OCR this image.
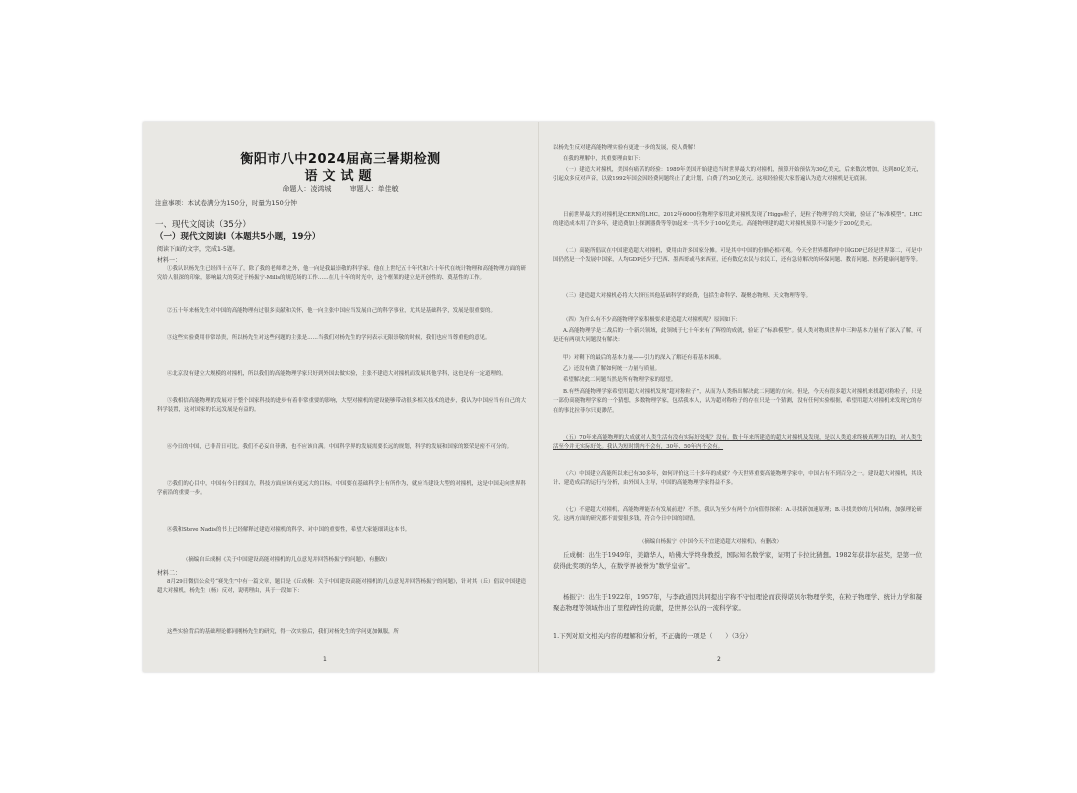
衡阳市八中2024届高三暑期检测
语文试题
命题人：凌鸿城	审题人：单佳敏
注意事项：本试卷满分为150分，时量为150分钟
一、现代文阅读（35分）
（一）现代文阅读Ⅰ（本题共5小题，19分）
阅读下面的文字，完成1-5题。
材料一：
①我认识杨先生已经四十五年了，除了我的老师辈之外，他一向是我最崇敬的科学家。他在上世纪五十年代和六十年代在统计物理和高能物理方面的研究给人很深的印象，影响最大的莫过于杨振宁-Mills的规范场的工作……在几十年的时光中，这个框架的建立是开创性的、奠基性的工作。
②五十年来杨先生对中国的高能物理有过很多贡献和关怀，他一向主张中国应当发展自己的科学事业，尤其是基础科学，发展是很重要的。
③这些实验费用非常昂贵，所以杨先生对这些问题的主张是……当我们对杨先生的学问表示无限崇敬的时候，我们也应当尊重他的意见。
④北京没有建立大规模的对撞机，所以我们的高能物理学家只好到外国去做实验，主张不建造大对撞机而发展其他学科，这也是有一定道理的。
⑤我相信高能物理的发展对于整个国家科技的进步有着非常重要的影响，大型对撞机的建设能够带动很多相关技术的进步，我认为中国应当有自己的大科学装置，这对国家的长远发展是有益的。
⑥今日的中国，已非昔日可比。我们不必妄自菲薄，也不应该自满。中国科学界的发展需要长远的规划，科学的发展和国家的繁荣是密不可分的。
⑦我们的心目中，中国有今日的国力，科技方面应该有更远大的目标。中国要在基础科学上有所作为，就应当建设大型的对撞机，这是中国走向世界科学前沿的重要一步。
⑧我和Steve Nadis的书上已经解释过建造对撞机的科学、对中国的重要性，希望大家能细读这本书。
（摘编自丘成桐《关于中国建设高能对撞机的几点意见并回答杨振宁的问题》，有删改）
材料二：
8月29日微信公众号“赛先生”中有一篇文章，题目是《丘成桐：关于中国建设高能对撞机的几点意见并回答杨振宁的问题》，针对其（丘）倡议中国建造超大对撞机，杨先生（杨）反对，说明理由，具于一段如下：
这些实验背后的基础理论都同刚杨先生的研究，得一次实验后，我们对杨先生的学问更加佩服，所
1
以杨先生反对建高能物理实验有更进一步的发展，使人费解！
在我的理解中，其重要理由如下：
（一）建造大对撞机，美国有痛苦的经验：1989年美国开始建造当时世界最大的对撞机，预算开始预估为30亿美元，后来数次增加，达到80亿美元，引起众多反对声音，以致1992年国会因经费问题终止了此计划，白费了约30亿美元。这项经验使大家普遍认为造大对撞机是无底洞。
日前世界最大的对撞机是CERN的LHC。2012年6000位物理学家用此对撞机发现了Higgs粒子，是粒子物理学的大突破，验证了“标准模型”。LHC的建造成本用了许多年，建造费加上探测器费等等加起来一共不少于100亿美元。高能物理建的超大对撞机预算不可能少于200亿美元。
（二）高能所倡议在中国建造超大对撞机，费用由许多国家分摊。可是其中中国的份额必相可观。今天全世界都称呼中国GDP已经是世界第二，可是中国仍然是一个发展中国家，人均GDP还少于巴西、墨西哥或马来西亚，还有数亿农民与农民工，还有急待解决的环保问题、教育问题、医药健康问题等等。
（三）建造超大对撞机必将大大挤压其他基础科学的经费，包括生命科学、凝聚态物理、天文物理等等。
（四）为什么有不少高能物理学家积极要求建造超大对撞机呢？原因如下：
A.高能物理学是二战后的一个新兴领域，此领域于七十年来有了辉煌的成就，验证了“标准模型”。使人类对物质世界中三种基本力量有了深入了解，可是还有两项大问题没有解决：
甲）对剩下的最后的基本力量——引力的深入了解还有着基本困难。
乙）还没有做了解如何统一力量与质量。
希望解决此二问题当然是所有物理学家的愿望。
B.有些高能物理学家希望用超大对撞机发现“超对称粒子”，从而为人类指出解决此二问题的方向。但是，今天有很多超大对撞机来找超对称粒子，只是一部份高能物理学家的一个猜想，多数物理学家，包括我本人，认为超对称粒子的存在只是一个猜测，没有任何实验根据，希望用超大对撞机来发现它的存在的事比拉菲尔只更渺茫。
（五）70年来高能物理的大成就对人类生活有没有实际好处呢？没有。数十年来所建造的超大对撞机及发现，是以人类追求终极真理为目的，对人类生活至今并无实际好处。我认为短时期内不会有，30年、50年内不会有。
（六）中国建立高能所以来已有30多年，如何评价这三十多年的成就？今天世界重要高能物理学家中，中国占有不到百分之一。建设超大对撞机，其设计、建造成后的运行与分析，由外国人主导，中国的高能物理学家得益不多。
（七）不建超大对撞机，高能物理能否有发展前进？不然。我认为至少有两个方向值得探索：A.寻找新加速原理；B.寻找美妙的几何结构，加强理论研究。这两方面的研究都不需要很多钱，符合今日中国的国情。
（摘编自杨振宁《中国今天不宜建造超大对撞机》，有删改）
丘成桐：出生于1949年，美籍华人，哈佛大学终身教授，国际知名数学家，证明了卡拉比猜想。1982年获菲尔兹奖，是第一位获得此奖项的华人，在数学界被誉为“数学皇帝”。
杨振宁：出生于1922年，1957年，与李政道因共同提出宇称不守恒理论而获得诺贝尔物理学奖，在粒子物理学、统计力学和凝聚态物理等领域作出了里程碑性的贡献，是世界公认的一流科学家。
1.下列对原文相关内容的理解和分析，不正确的一项是（　　）（3分）
2
